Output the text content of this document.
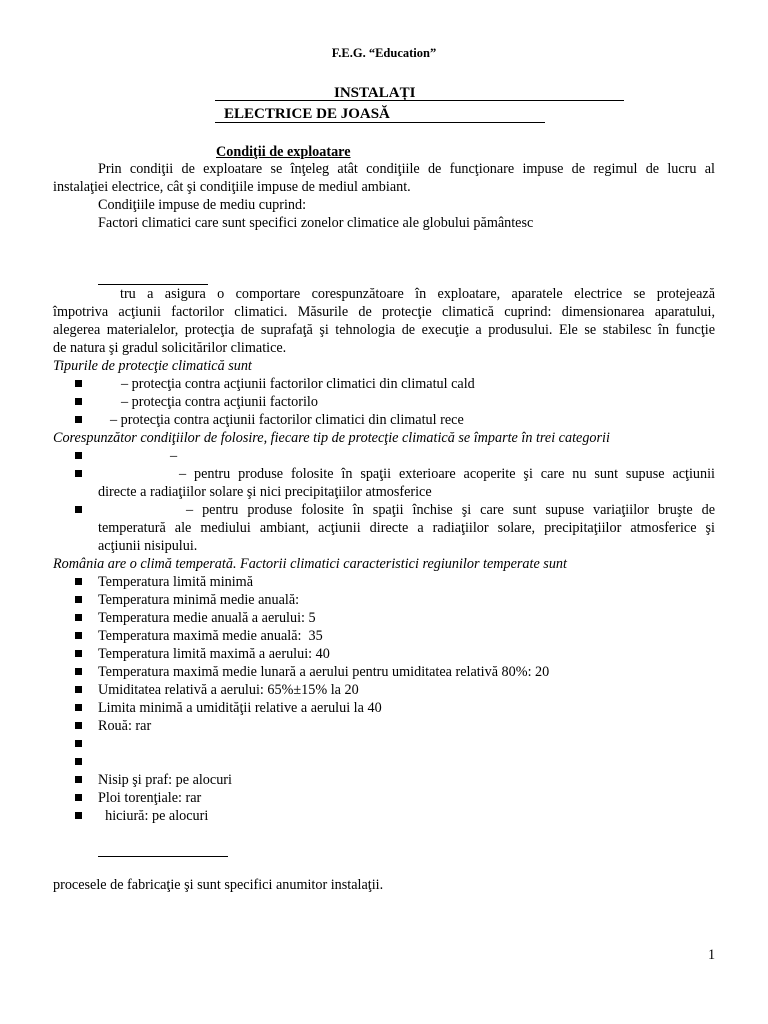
F.E.G. “Education”
INSTALAȚI
ELECTRICE DE JOASĂ
Condiţii de exploatare
Prin condiţii de exploatare se înţeleg atât condiţiile de funcţionare impuse de regimul de lucru al
instalaţiei electrice, cât şi condiţiile impuse de mediul ambiant.
Condiţiile impuse de mediu cuprind:
Factori climatici care sunt specifici zonelor climatice ale globului pământesc
tru a asigura o comportare corespunzătoare în exploatare, aparatele electrice se protejează
împotriva acţiunii factorilor climatici. Măsurile de protecţie climatică cuprind: dimensionarea aparatului,
alegerea materialelor, protecţia de suprafaţă şi tehnologia de execuţie a produsului. Ele se stabilesc în funcţie
de natura şi gradul solicitărilor climatice.
Tipurile de protecţie climatică sunt
– protecţia contra acţiunii factorilor climatici din climatul cald
– protecţia contra acţiunii factorilo
– protecţia contra acţiunii factorilor climatici din climatul rece
Corespunzător condiţiilor de folosire, fiecare tip de protecţie climatică se împarte în trei categorii
–
– pentru produse folosite în spaţii exterioare acoperite şi care nu sunt supuse acţiunii
directe a radiaţiilor solare şi nici precipitaţiilor atmosferice
– pentru produse folosite în spaţii închise şi care sunt supuse variaţiilor bruşte de
temperatură ale mediului ambiant, acţiunii directe a radiaţiilor solare, precipitaţiilor atmosferice şi
acţiunii nisipului.
România are o climă temperată. Factorii climatici caracteristici regiunilor temperate sunt
Temperatura limită minimă
Temperatura minimă medie anuală:
Temperatura medie anuală a aerului: 5
Temperatura maximă medie anuală:  35
Temperatura limită maximă a aerului: 40
Temperatura maximă medie lunară a aerului pentru umiditatea relativă 80%: 20
Umiditatea relativă a aerului: 65%±15% la 20
Limita minimă a umidităţii relative a aerului la 40
Rouă: rar
Nisip şi praf: pe alocuri
Ploi torenţiale: rar
hiciură: pe alocuri
procesele de fabricaţie şi sunt specifici anumitor instalaţii.
1
